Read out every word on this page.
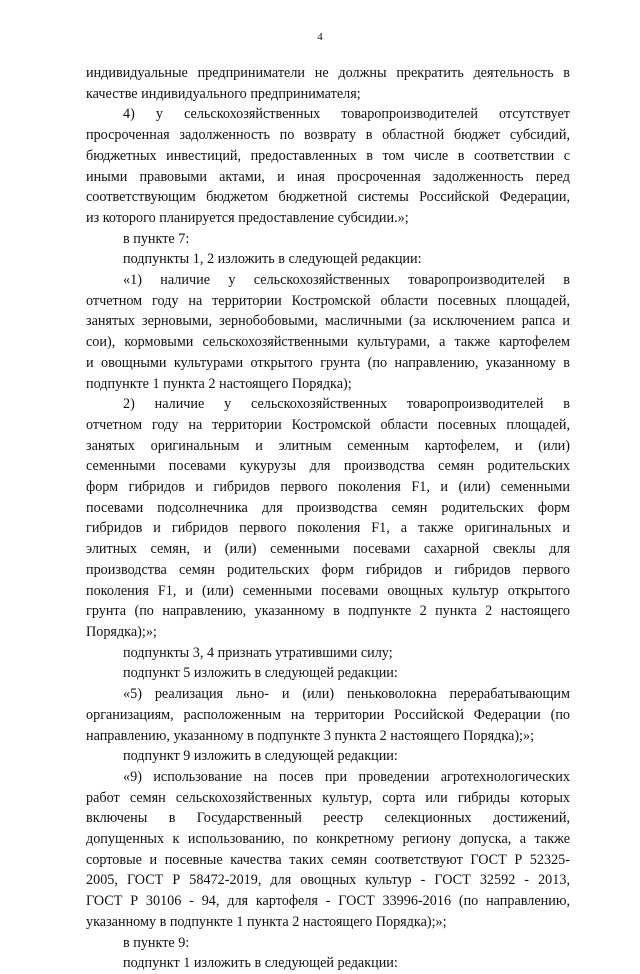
4
индивидуальные предприниматели не должны прекратить деятельность в
качестве индивидуального предпринимателя;
4) у сельскохозяйственных товаропроизводителей отсутствует
просроченная задолженность по возврату в областной бюджет субсидий,
бюджетных инвестиций, предоставленных в том числе в соответствии с
иными правовыми актами, и иная просроченная задолженность перед
соответствующим бюджетом бюджетной системы Российской Федерации,
из которого планируется предоставление субсидии.»;
в пункте 7:
подпункты 1, 2 изложить в следующей редакции:
«1) наличие у сельскохозяйственных товаропроизводителей в
отчетном году на территории Костромской области посевных площадей,
занятых зерновыми, зернобобовыми, масличными (за исключением рапса и
сои), кормовыми сельскохозяйственными культурами, а также картофелем
и овощными культурами открытого грунта (по направлению, указанному в
подпункте 1 пункта 2 настоящего Порядка);
2) наличие у сельскохозяйственных товаропроизводителей в
отчетном году на территории Костромской области посевных площадей,
занятых оригинальным и элитным семенным картофелем, и (или)
семенными посевами кукурузы для производства семян родительских
форм гибридов и гибридов первого поколения F1, и (или) семенными
посевами подсолнечника для производства семян родительских форм
гибридов и гибридов первого поколения F1, а также оригинальных и
элитных семян, и (или) семенными посевами сахарной свеклы для
производства семян родительских форм гибридов и гибридов первого
поколения F1, и (или) семенными посевами овощных культур открытого
грунта (по направлению, указанному в подпункте 2 пункта 2 настоящего
Порядка);»;
подпункты 3, 4 признать утратившими силу;
подпункт 5 изложить в следующей редакции:
«5) реализация льно- и (или) пеньковолокна перерабатывающим
организациям, расположенным на территории Российской Федерации (по
направлению, указанному в подпункте 3 пункта 2 настоящего Порядка);»;
подпункт 9 изложить в следующей редакции:
«9) использование на посев при проведении агротехнологических
работ семян сельскохозяйственных культур, сорта или гибриды которых
включены в Государственный реестр селекционных достижений,
допущенных к использованию, по конкретному региону допуска, а также
сортовые и посевные качества таких семян соответствуют ГОСТ Р 52325-
2005, ГОСТ Р 58472-2019, для овощных культур - ГОСТ 32592 - 2013,
ГОСТ Р 30106 - 94, для картофеля - ГОСТ 33996-2016 (по направлению,
указанному в подпункте 1 пункта 2 настоящего Порядка);»;
в пункте 9:
подпункт 1 изложить в следующей редакции:
